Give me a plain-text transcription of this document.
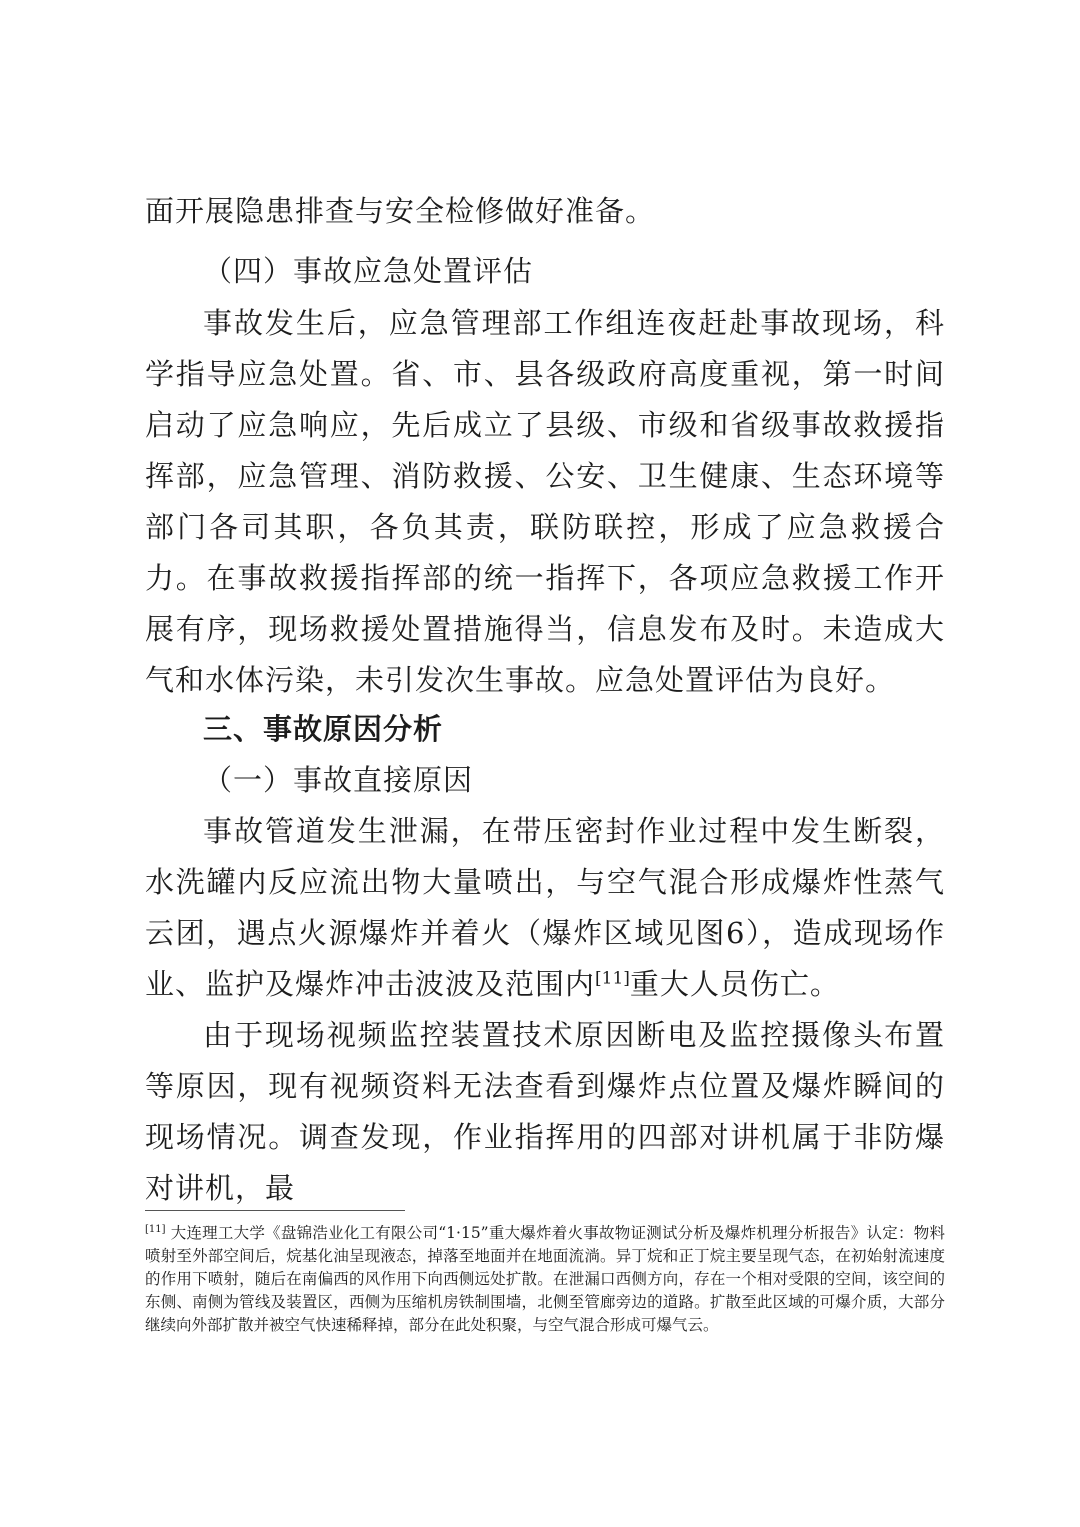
面开展隐患排查与安全检修做好准备。

（四）事故应急处置评估

事故发生后，应急管理部工作组连夜赶赴事故现场，科学指导应急处置。省、市、县各级政府高度重视，第一时间启动了应急响应，先后成立了县级、市级和省级事故救援指挥部，应急管理、消防救援、公安、卫生健康、生态环境等部门各司其职，各负其责，联防联控，形成了应急救援合力。在事故救援指挥部的统一指挥下，各项应急救援工作开展有序，现场救援处置措施得当，信息发布及时。未造成大气和水体污染，未引发次生事故。应急处置评估为良好。

三、事故原因分析

（一）事故直接原因

事故管道发生泄漏，在带压密封作业过程中发生断裂，水洗罐内反应流出物大量喷出，与空气混合形成爆炸性蒸气云团，遇点火源爆炸并着火（爆炸区域见图6），造成现场作业、监护及爆炸冲击波波及范围内[11]重大人员伤亡。

由于现场视频监控装置技术原因断电及监控摄像头布置等原因，现有视频资料无法查看到爆炸点位置及爆炸瞬间的现场情况。调查发现，作业指挥用的四部对讲机属于非防爆对讲机，最

[11] 大连理工大学《盘锦浩业化工有限公司“1·15”重大爆炸着火事故物证测试分析及爆炸机理分析报告》认定：物料喷射至外部空间后，烷基化油呈现液态，掉落至地面并在地面流淌。异丁烷和正丁烷主要呈现气态，在初始射流速度的作用下喷射，随后在南偏西的风作用下向西侧远处扩散。在泄漏口西侧方向，存在一个相对受限的空间，该空间的东侧、南侧为管线及装置区，西侧为压缩机房铁制围墙，北侧至管廊旁边的道路。扩散至此区域的可爆介质，大部分继续向外部扩散并被空气快速稀释掉，部分在此处积聚，与空气混合形成可爆气云。
